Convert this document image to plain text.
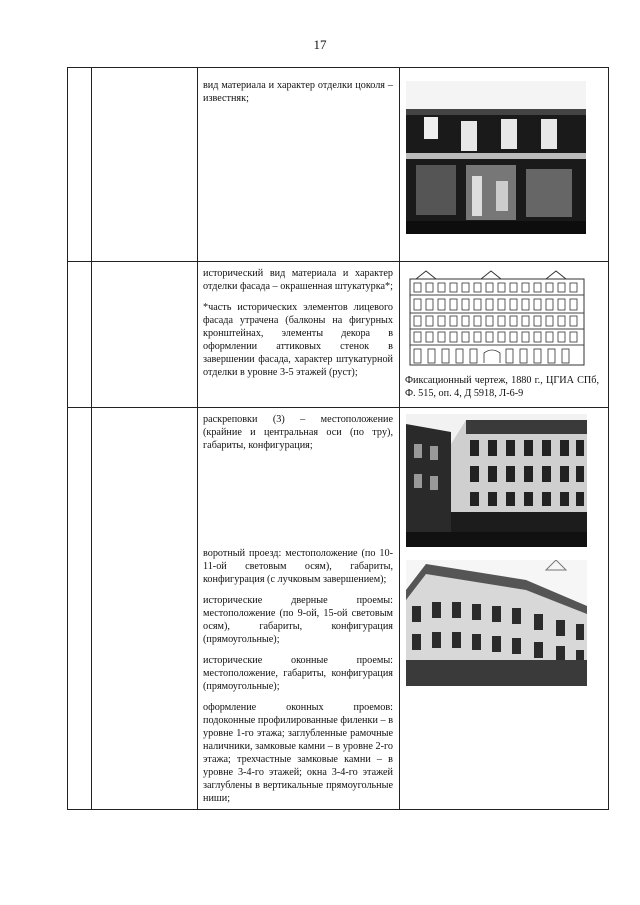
17

вид материала и характер отделки цоколя – известняк;

исторический вид материала и характер отделки фасада – окрашенная штукатурка*;

*часть исторических элементов лицевого фасада утрачена (балконы на фигурных кронштейнах, элементы декора в оформлении аттиковых стенок в завершении фасада, характер штукатурной отделки в уровне 3-5 этажей (руст);

Фиксационный чертеж, 1880 г., ЦГИА СПб, Ф. 515, оп. 4, Д 5918, Л-6-9

раскреповки (3) – местоположение (крайние и центральная оси (по трy), габариты, конфигурация;

воротный проезд: местоположение (по 10-11-ой световым осям), габариты, конфигурация (с лучковым завершением);

исторические дверные проемы: местоположение (по 9-ой, 15-ой световым осям), габариты, конфигурация (прямоугольные);

исторические оконные проемы: местоположение, габариты, конфигурация (прямоугольные);

оформление оконных проемов: подоконные профилированные филенки – в уровне 1-го этажа; заглубленные рамочные наличники, замковые камни – в уровне 2-го этажа; трехчастные замковые камни – в уровне 3-4-го этажей; окна 3-4-го этажей заглублены в вертикальные прямоугольные ниши;
